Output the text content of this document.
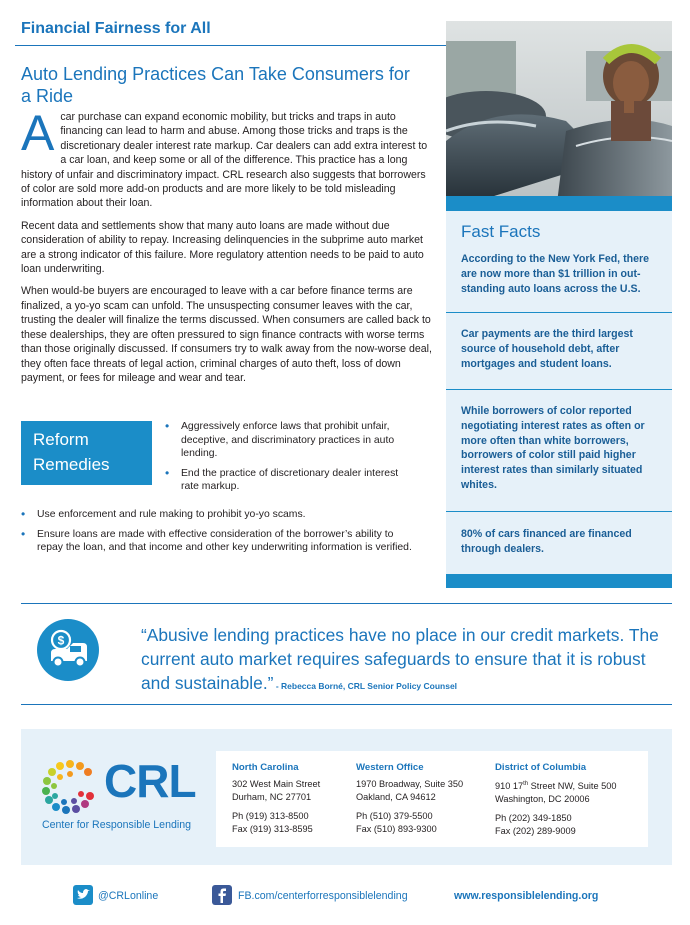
Financial Fairness for All
Auto Lending Practices Can Take Consumers for a Ride

Acar purchase can expand economic mobility, but tricks and traps in auto financing can lead to harm and abuse. Among those tricks and traps is the discretionary dealer interest rate markup. Car dealers can add extra interest to a car loan, and keep some or all of the difference. This practice has a long history of unfair and discriminatory impact. CRL research also suggests that borrowers of color are sold more add-on products and are more likely to be told misleading information about their loan.

Recent data and settlements show that many auto loans are made without due consideration of ability to repay. Increasing delinquencies in the subprime auto market are a strong indicator of this failure. More regulatory attention needs to be paid to auto loan underwriting.

When would-be buyers are encouraged to leave with a car before finance terms are finalized, a yo-yo scam can unfold. The unsuspecting consumer leaves with the car, trusting the dealer will finalize the terms discussed. When consumers are called back to these dealerships, they are often pressured to sign finance contracts with worse terms than those originally discussed. If consumers try to walk away from the now-worse deal, they often face threats of legal action, criminal charges of auto theft, loss of down payment, or fees for mileage and wear and tear.

Reform
Remedies
• Aggressively enforce laws that prohibit unfair, deceptive, and discriminatory practices in auto lending.
• End the practice of discretionary dealer interest rate markup.
• Use enforcement and rule making to prohibit yo-yo scams.
• Ensure loans are made with effective consideration of the borrower’s ability to repay the loan, and that income and other key underwriting information is verified.
Fast Facts
According to the New York Fed, there are now more than $1 trillion in out-standing auto loans across the U.S.
Car payments are the third largest source of household debt, after mortgages and student loans.
While borrowers of color reported negotiating interest rates as often or more often than white borrowers, borrowers of color still paid higher interest rates than similarly situated whites.
80% of cars financed are financed through dealers.
$	“Abusive lending practices have no place in our credit markets. The current auto market requires safeguards to ensure that it is robust and sustainable.” - Rebecca Borné, CRL Senior Policy Counsel
CRL
Center for Responsible Lending
North Carolina
302 West Main Street
Durham, NC 27701
Ph (919) 313-8500
Fax (919) 313-8595
Western Office
1970 Broadway, Suite 350
Oakland, CA 94612
Ph (510) 379-5500
Fax (510) 893-9300
District of Columbia
910 17th Street NW, Suite 500
Washington, DC 20006
Ph (202) 349-1850
Fax (202) 289-9009
@CRLonline	FB.com/centerforresponsiblelending	www.responsiblelending.org
